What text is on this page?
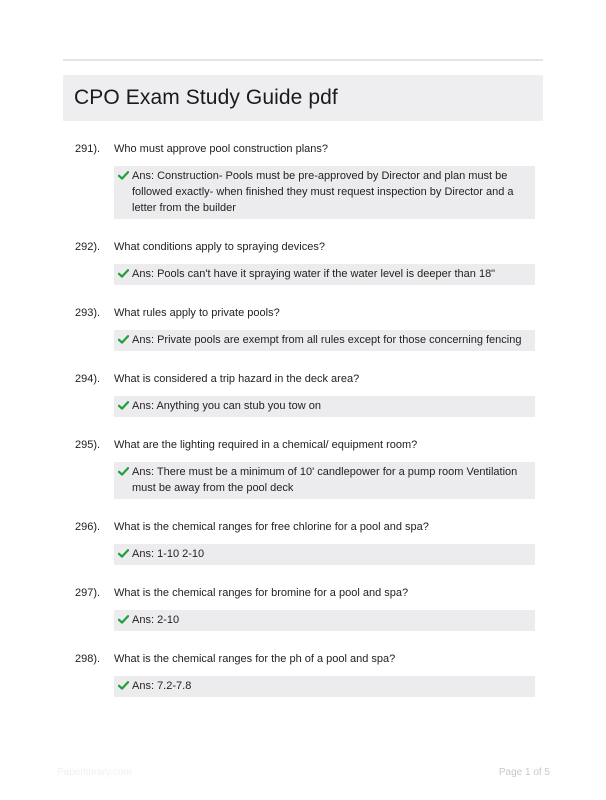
CPO Exam Study Guide pdf
291).	Who must approve pool construction plans?
Ans: Construction- Pools must be pre-approved by Director and plan must be followed exactly- when finished they must request inspection by Director and a letter from the builder
292).	What conditions apply to spraying devices?
Ans: Pools can't have it spraying water if the water level is deeper than 18"
293).	What rules apply to private pools?
Ans: Private pools are exempt from all rules except for those concerning fencing
294).	What is considered a trip hazard in the deck area?
Ans: Anything you can stub you tow on
295).	What are the lighting required in a chemical/ equipment room?
Ans: There must be a minimum of 10' candlepower for a pump room Ventilation must be away from the pool deck
296).	What is the chemical ranges for free chlorine for a pool and spa?
Ans: 1-10 2-10
297).	What is the chemical ranges for bromine for a pool and spa?
Ans: 2-10
298).	What is the chemical ranges for the ph of a pool and spa?
Ans: 7.2-7.8
Paperlibrary.com	Page 1 of 5
